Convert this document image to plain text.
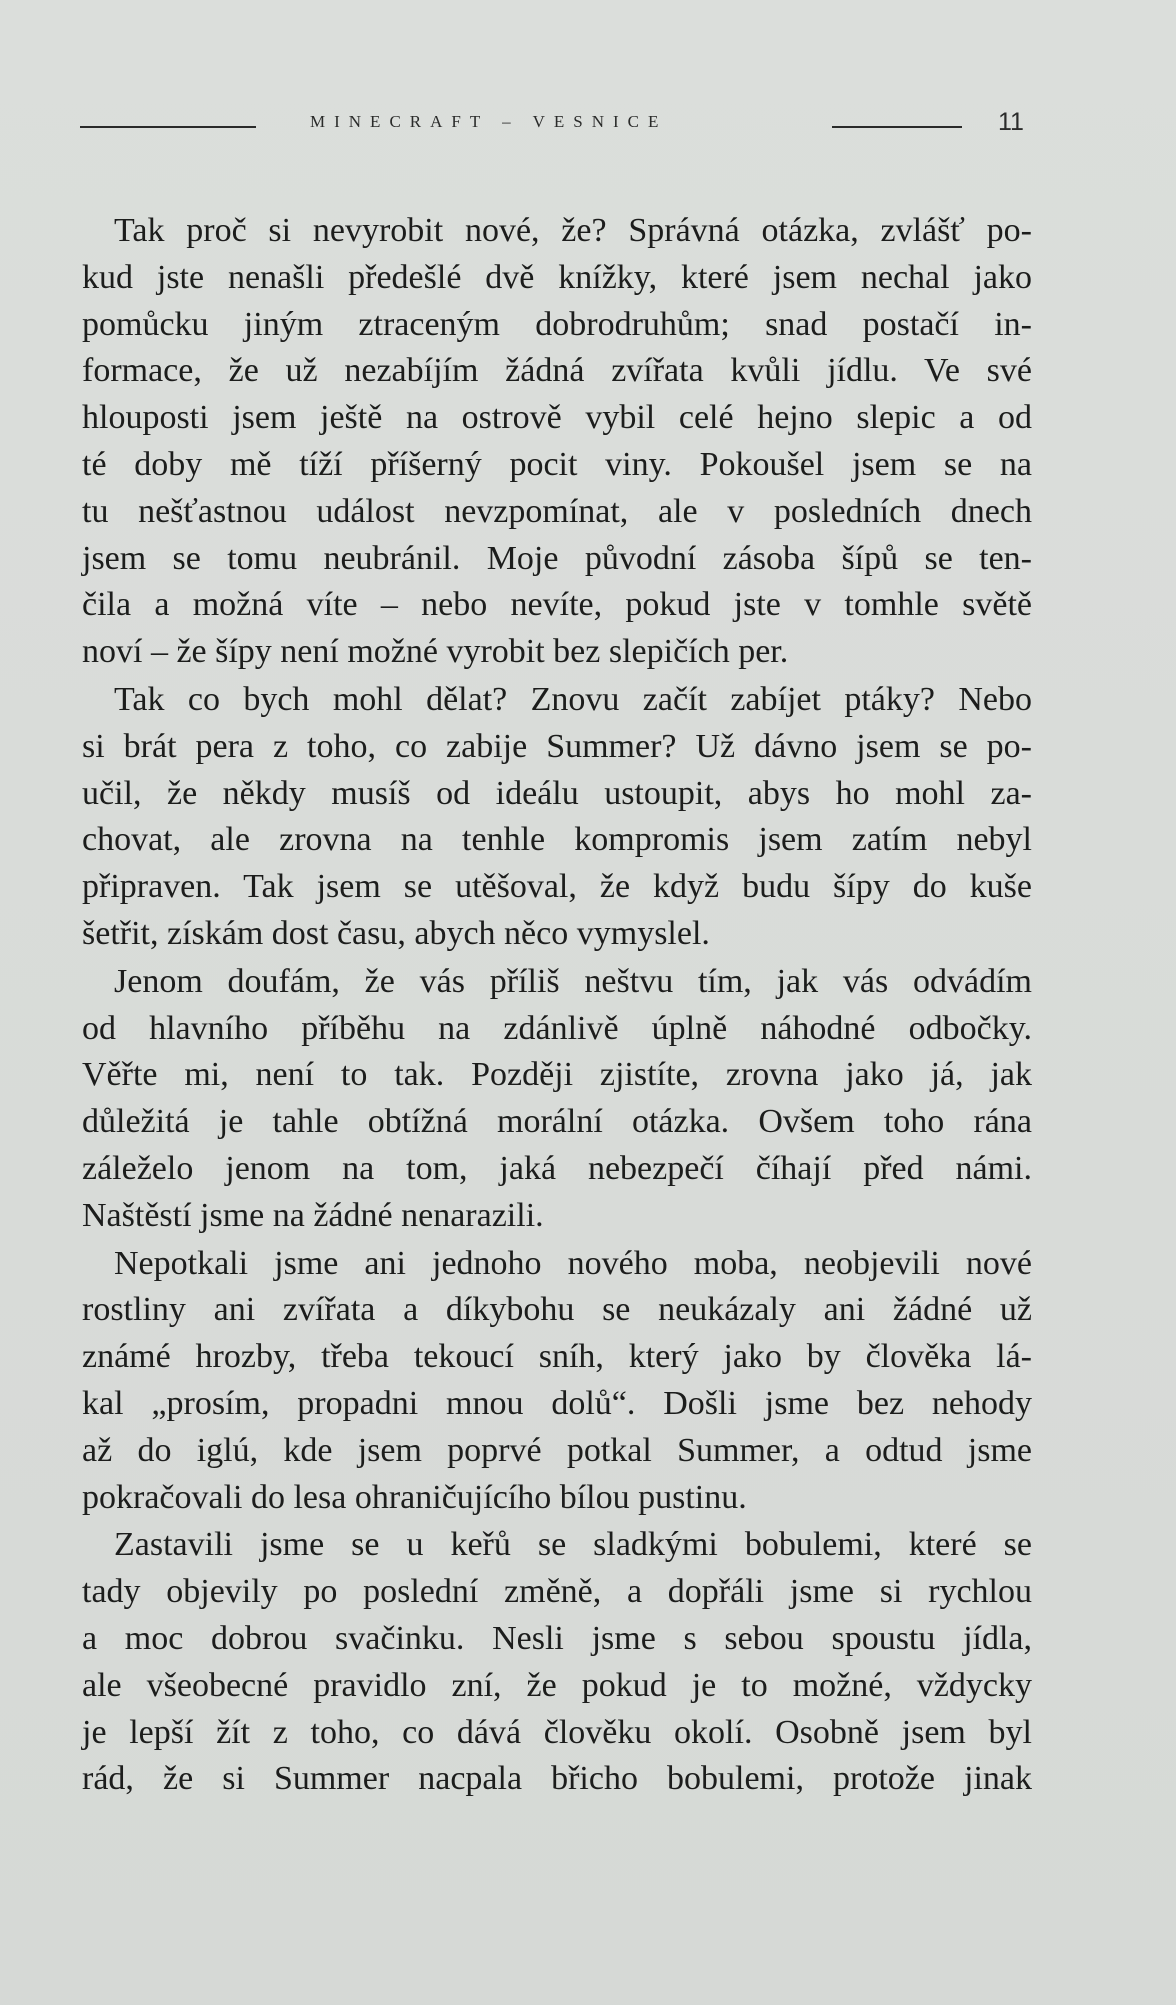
MINECRAFT – VESNICE	11
Tak proč si nevyrobit nové, že? Správná otázka, zvlášť po-
kud jste nenašli předešlé dvě knížky, které jsem nechal jako
pomůcku jiným ztraceným dobrodruhům; snad postačí in-
formace, že už nezabíjím žádná zvířata kvůli jídlu. Ve své
hlouposti jsem ještě na ostrově vybil celé hejno slepic a od
té doby mě tíží příšerný pocit viny. Pokoušel jsem se na
tu nešťastnou událost nevzpomínat, ale v posledních dnech
jsem se tomu neubránil. Moje původní zásoba šípů se ten-
čila a možná víte – nebo nevíte, pokud jste v tomhle světě
noví – že šípy není možné vyrobit bez slepičích per.
Tak co bych mohl dělat? Znovu začít zabíjet ptáky? Nebo
si brát pera z toho, co zabije Summer? Už dávno jsem se po-
učil, že někdy musíš od ideálu ustoupit, abys ho mohl za-
chovat, ale zrovna na tenhle kompromis jsem zatím nebyl
připraven. Tak jsem se utěšoval, že když budu šípy do kuše
šetřit, získám dost času, abych něco vymyslel.
Jenom doufám, že vás příliš neštvu tím, jak vás odvádím
od hlavního příběhu na zdánlivě úplně náhodné odbočky.
Věřte mi, není to tak. Později zjistíte, zrovna jako já, jak
důležitá je tahle obtížná morální otázka. Ovšem toho rána
záleželo jenom na tom, jaká nebezpečí číhají před námi.
Naštěstí jsme na žádné nenarazili.
Nepotkali jsme ani jednoho nového moba, neobjevili nové
rostliny ani zvířata a díkybohu se neukázaly ani žádné už
známé hrozby, třeba tekoucí sníh, který jako by člověka lá-
kal „prosím, propadni mnou dolů“. Došli jsme bez nehody
až do iglú, kde jsem poprvé potkal Summer, a odtud jsme
pokračovali do lesa ohraničujícího bílou pustinu.
Zastavili jsme se u keřů se sladkými bobulemi, které se
tady objevily po poslední změně, a dopřáli jsme si rychlou
a moc dobrou svačinku. Nesli jsme s sebou spoustu jídla,
ale všeobecné pravidlo zní, že pokud je to možné, vždycky
je lepší žít z toho, co dává člověku okolí. Osobně jsem byl
rád, že si Summer nacpala břicho bobulemi, protože jinak
